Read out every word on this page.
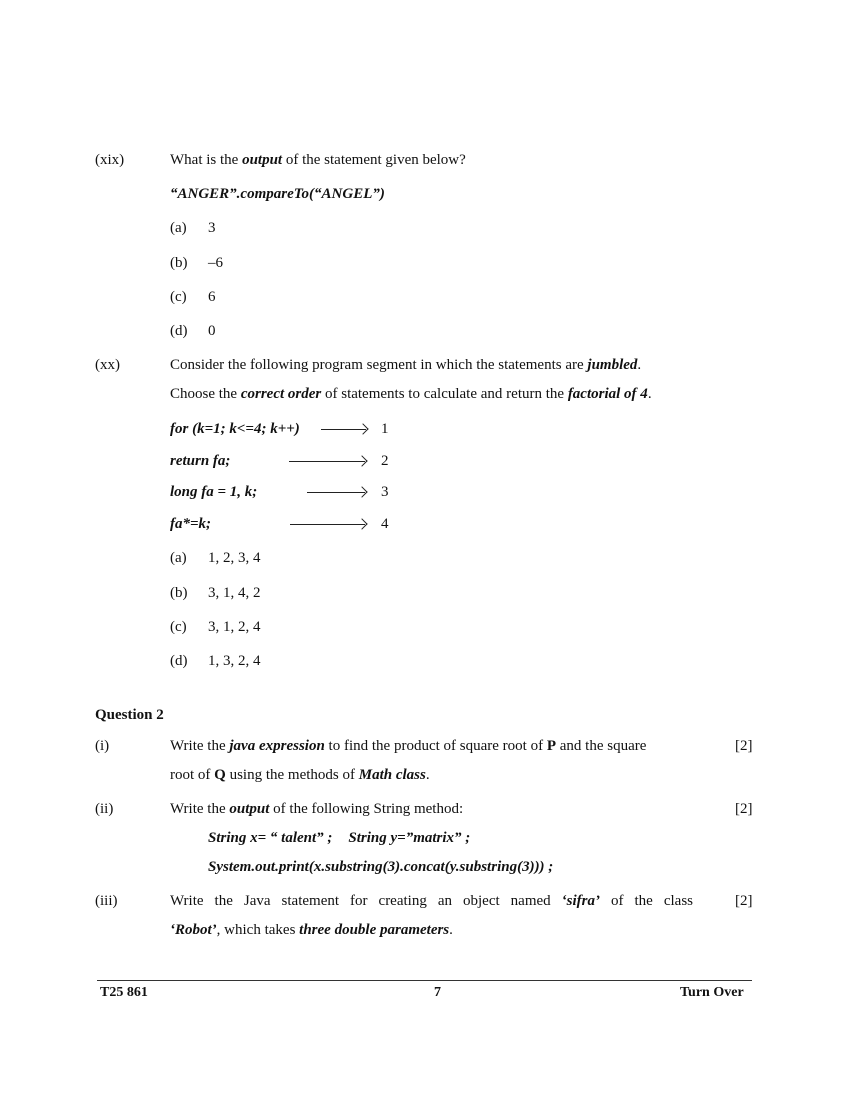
(xix)	What is the output of the statement given below?
“ANGER”.compareTo(“ANGEL”)
(a) 3
(b) –6
(c) 6
(d) 0
(xx)	Consider the following program segment in which the statements are jumbled.
Choose the correct order of statements to calculate and return the factorial of 4.
for (k=1; k<=4; k++)	1
return fa;	2
long fa = 1, k;	3
fa*=k;	4
(a) 1, 2, 3, 4
(b) 3, 1, 4, 2
(c) 3, 1, 2, 4
(d) 1, 3, 2, 4
Question 2
(i)	Write the java expression to find the product of square root of P and the square	[2]
root of Q using the methods of Math class.
(ii)	Write the output of the following String method:	[2]
String x= “ talent” ; String y=”matrix” ;
System.out.print(x.substring(3).concat(y.substring(3))) ;
(iii)	Write the Java statement for creating an object named ‘sifra’ of the class	[2]
‘Robot’, which takes three double parameters.
T25 861	7	Turn Over
